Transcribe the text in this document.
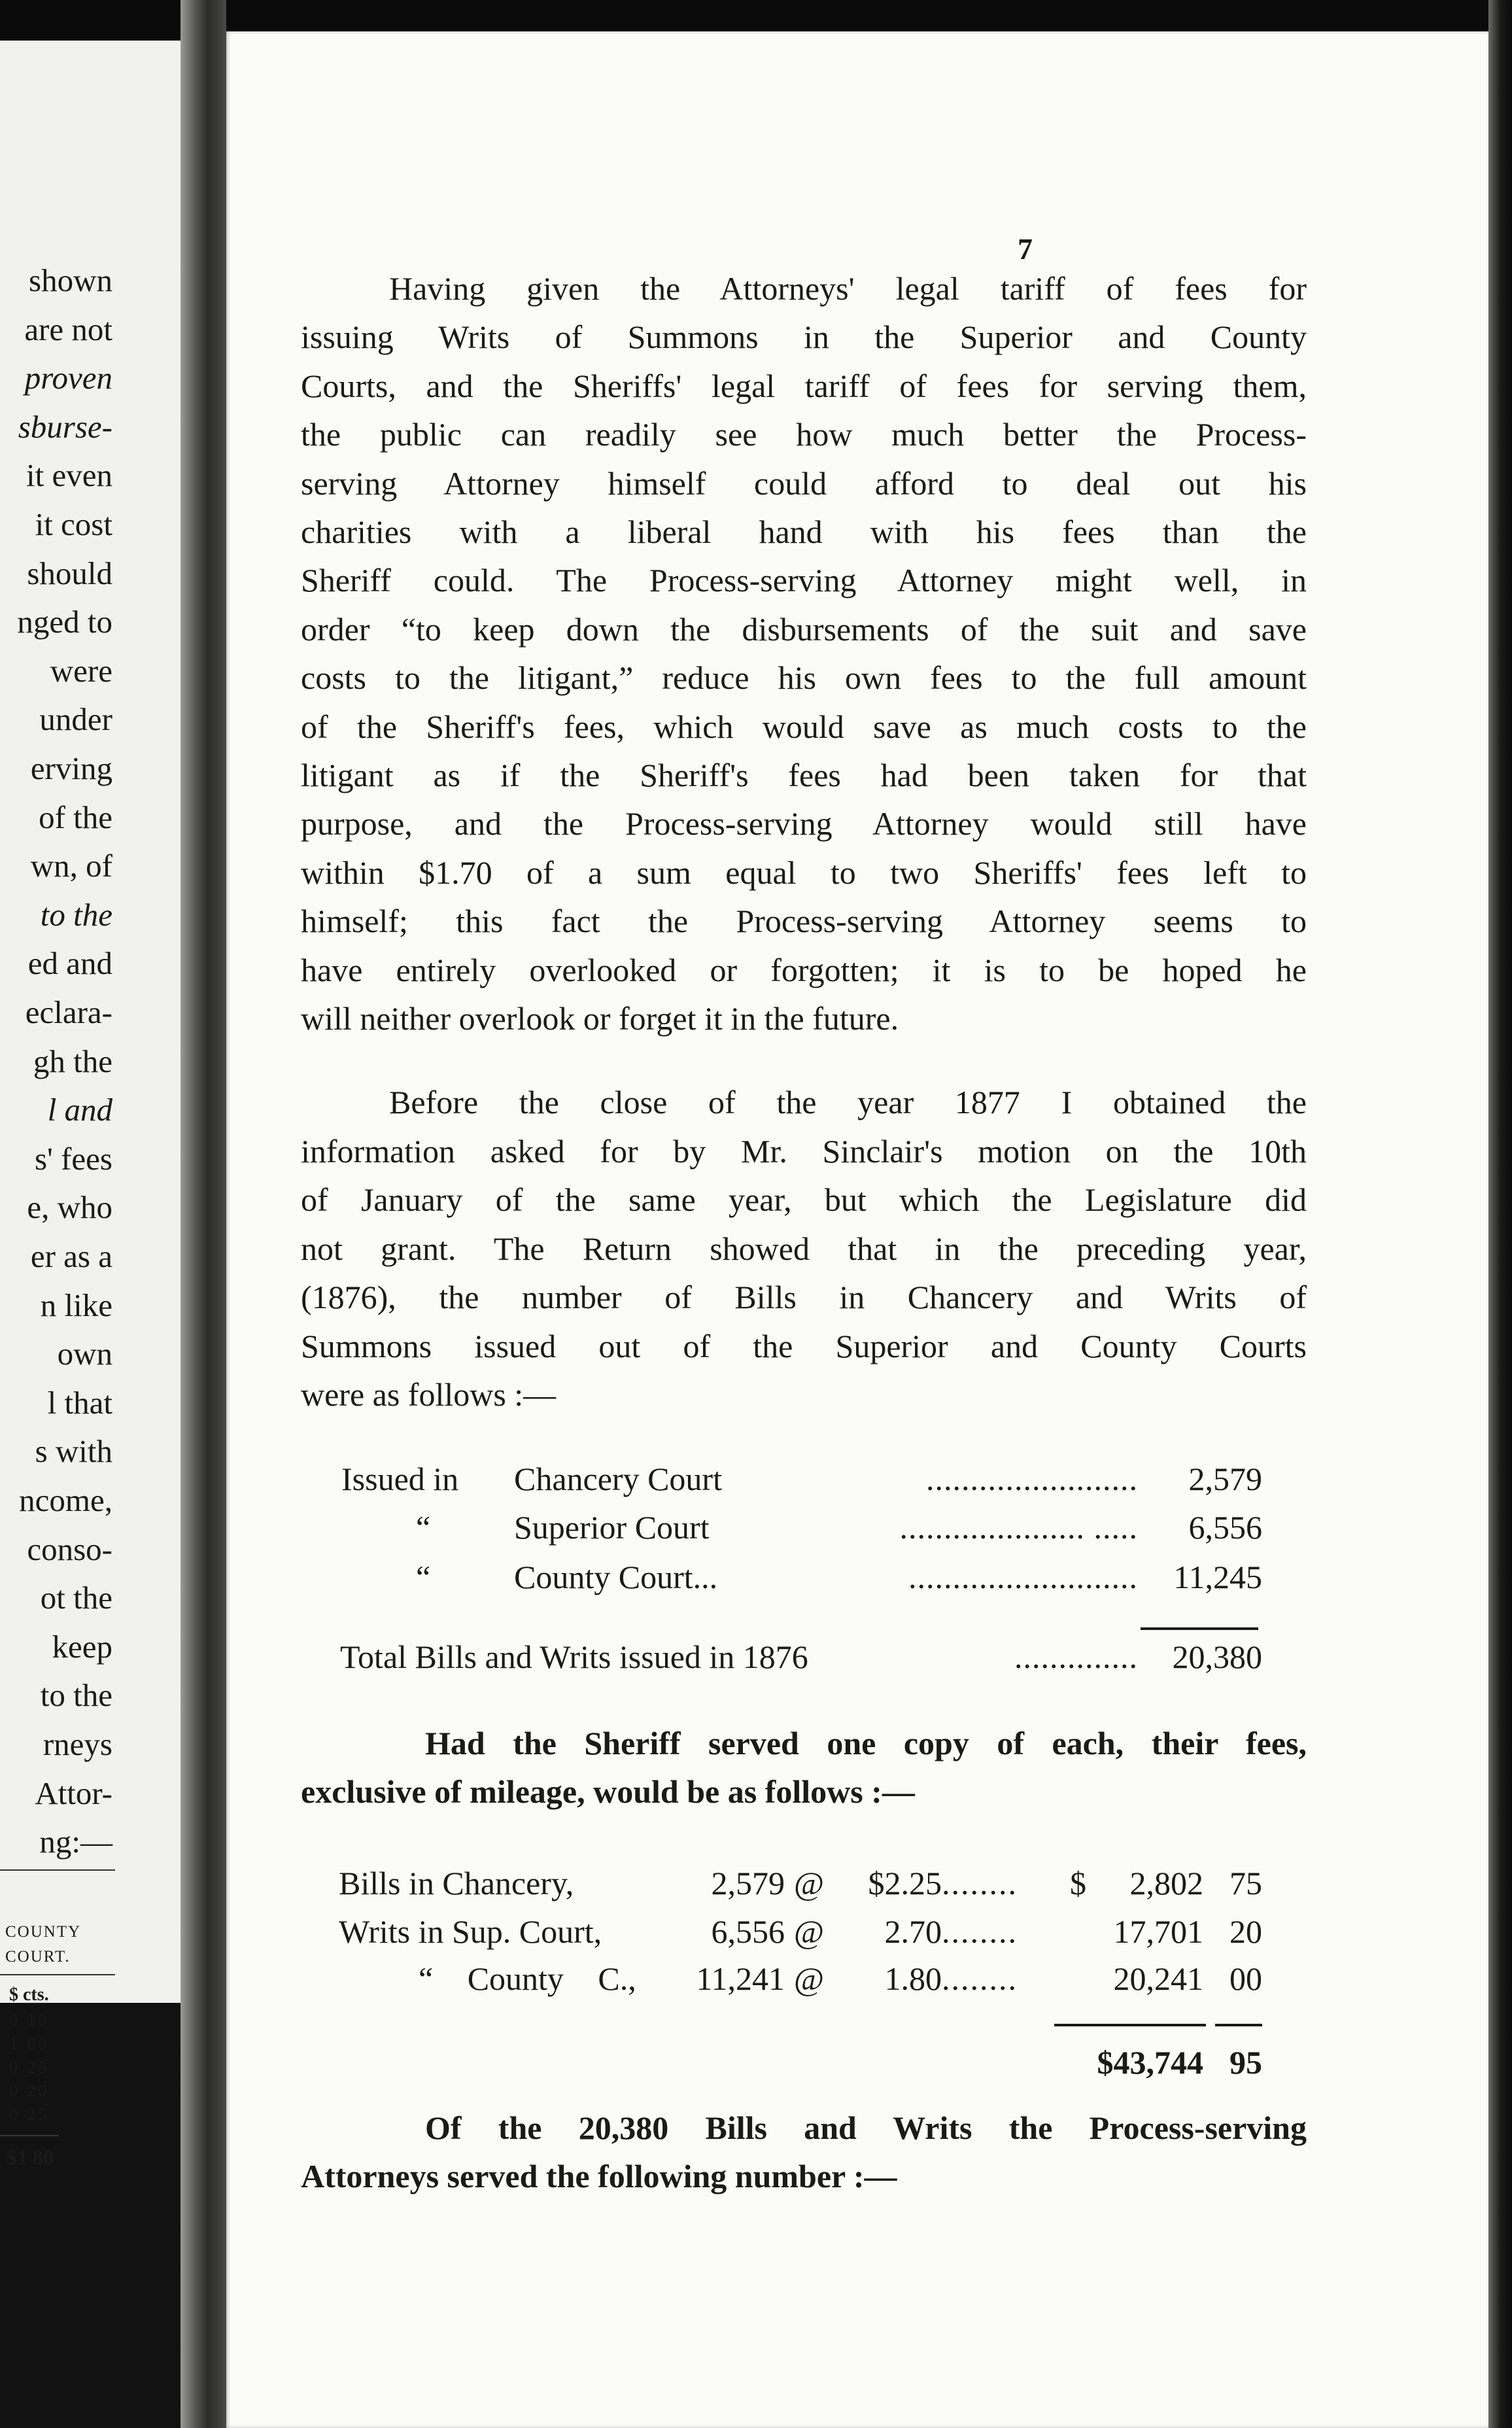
shown
are not
proven
sburse-
it even
it cost
should
nged to
were
under
erving
of the
wn, of
to the
ed and
eclara-
gh the
l and
s' fees
e, who
er as a
n like
own
l that
s with
ncome,
conso-
ot the
keep
to the
rneys
Attor-
ng:—
7
Having given the Attorneys' legal tariff of fees for
issuing Writs of Summons in the Superior and County
Courts, and the Sheriffs' legal tariff of fees for serving them,
the public can readily see how much better the Process-
serving Attorney himself could afford to deal out his
charities with a liberal hand with his fees than the
Sheriff could. The Process-serving Attorney might well, in
order “to keep down the disbursements of the suit and save
costs to the litigant,” reduce his own fees to the full amount
of the Sheriff's fees, which would save as much costs to the
litigant as if the Sheriff's fees had been taken for that
purpose, and the Process-serving Attorney would still have
within $1.70 of a sum equal to two Sheriffs' fees left to
himself; this fact the Process-serving Attorney seems to
have entirely overlooked or forgotten; it is to be hoped he
will neither overlook or forget it in the future.
Before the close of the year 1877 I obtained the
information asked for by Mr. Sinclair's motion on the 10th
of January of the same year, but which the Legislature did
not grant. The Return showed that in the preceding year,
(1876), the number of Bills in Chancery and Writs of
Summons issued out of the Superior and County Courts
were as follows :—
Issued in Chancery Court	........................	2,579
“	Superior Court	..................... .....	6,556
“	County Court...	..........................	11,245
Total Bills and Writs issued in 1876	..............	20,380
Had the Sheriff served one copy of each, their fees,
exclusive of mileage, would be as follows :—
Bills in Chancery,	2,579 @	$2.25 ........	$	2,802 75
Writs in Sup. Court,	6,556 @	2.70 ........	17,701 20
“ County C.,	11,241 @	1.80 ........	20,241 00
$43,744 95
Of the 20,380 Bills and Writs the Process-serving
Attorneys served the following number :—
COUNTY
COURT.
$ cts.
0 10
1 00
0 25
0 20
0 25
$1 80
